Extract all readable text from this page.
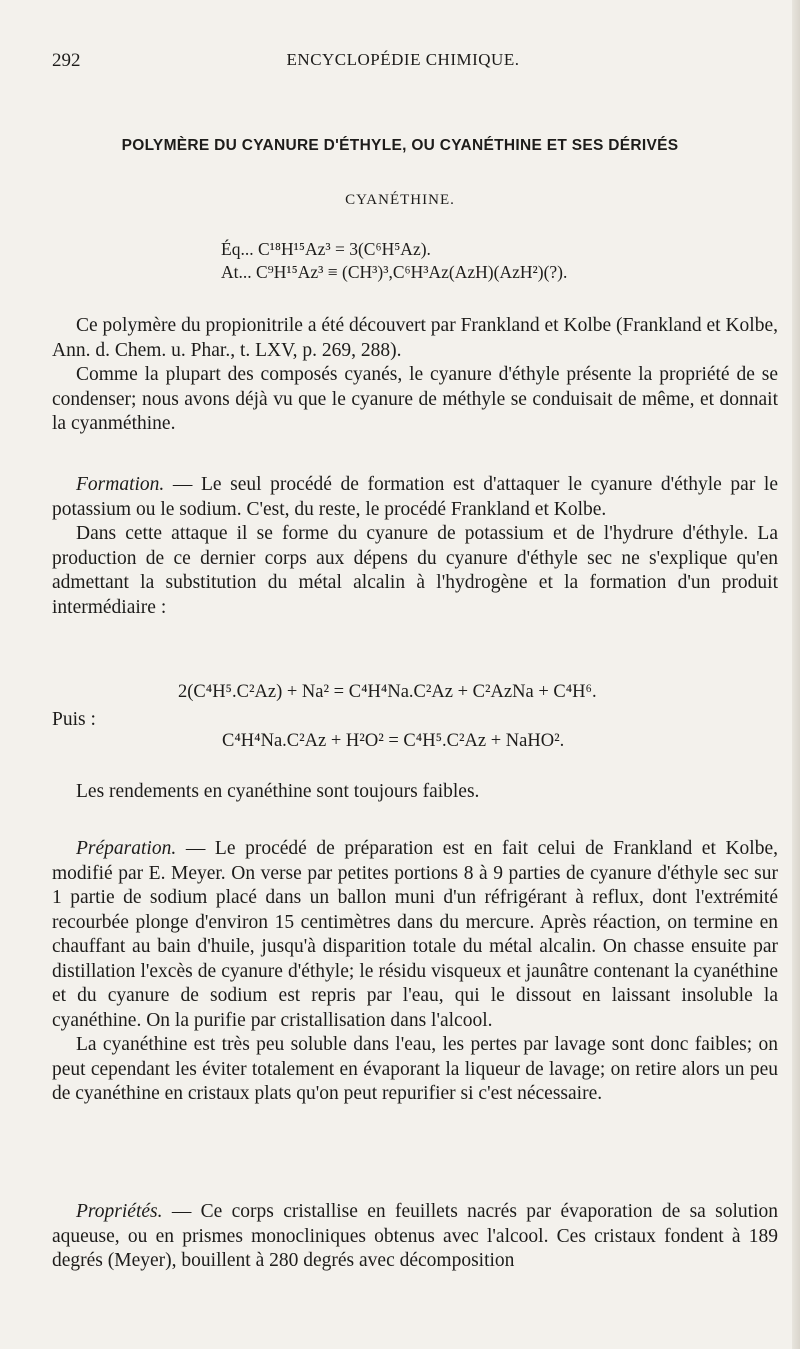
292	ENCYCLOPÉDIE CHIMIQUE.
POLYMÈRE DU CYANURE D'ÉTHYLE, OU CYANÉTHINE ET SES DÉRIVÉS
CYANÉTHINE.
Éq... C¹⁸H¹⁵Az³ = 3(C⁶H⁵Az).
At... C⁹H¹⁵Az³ ≡ (CH³)³,C⁶H³Az(AzH)(AzH²)(?).

Ce polymère du propionitrile a été découvert par Frankland et Kolbe (Frankland et Kolbe, Ann. d. Chem. u. Phar., t. LXV, p. 269, 288).

Comme la plupart des composés cyanés, le cyanure d'éthyle présente la propriété de se condenser; nous avons déjà vu que le cyanure de méthyle se conduisait de même, et donnait la cyanméthine.

Formation. — Le seul procédé de formation est d'attaquer le cyanure d'éthyle par le potassium ou le sodium. C'est, du reste, le procédé Frankland et Kolbe.

Dans cette attaque il se forme du cyanure de potassium et de l'hydrure d'éthyle. La production de ce dernier corps aux dépens du cyanure d'éthyle sec ne s'explique qu'en admettant la substitution du métal alcalin à l'hydrogène et la formation d'un produit intermédiaire :

2(C⁴H⁵.C²Az) + Na² = C⁴H⁴Na.C²Az + C²AzNa + C⁴H⁶.
Puis :
C⁴H⁴Na.C²Az + H²O² = C⁴H⁵.C²Az + NaHO².

Les rendements en cyanéthine sont toujours faibles.

Préparation. — Le procédé de préparation est en fait celui de Frankland et Kolbe, modifié par E. Meyer. On verse par petites portions 8 à 9 parties de cyanure d'éthyle sec sur 1 partie de sodium placé dans un ballon muni d'un réfrigérant à reflux, dont l'extrémité recourbée plonge d'environ 15 centimètres dans du mercure. Après réaction, on termine en chauffant au bain d'huile, jusqu'à disparition totale du métal alcalin. On chasse ensuite par distillation l'excès de cyanure d'éthyle; le résidu visqueux et jaunâtre contenant la cyanéthine et du cyanure de sodium est repris par l'eau, qui le dissout en laissant insoluble la cyanéthine. On la purifie par cristallisation dans l'alcool.

La cyanéthine est très peu soluble dans l'eau, les pertes par lavage sont donc faibles; on peut cependant les éviter totalement en évaporant la liqueur de lavage; on retire alors un peu de cyanéthine en cristaux plats qu'on peut repurifier si c'est nécessaire.

Propriétés. — Ce corps cristallise en feuillets nacrés par évaporation de sa solution aqueuse, ou en prismes monocliniques obtenus avec l'alcool. Ces cristaux fondent à 189 degrés (Meyer), bouillent à 280 degrés avec décomposition
